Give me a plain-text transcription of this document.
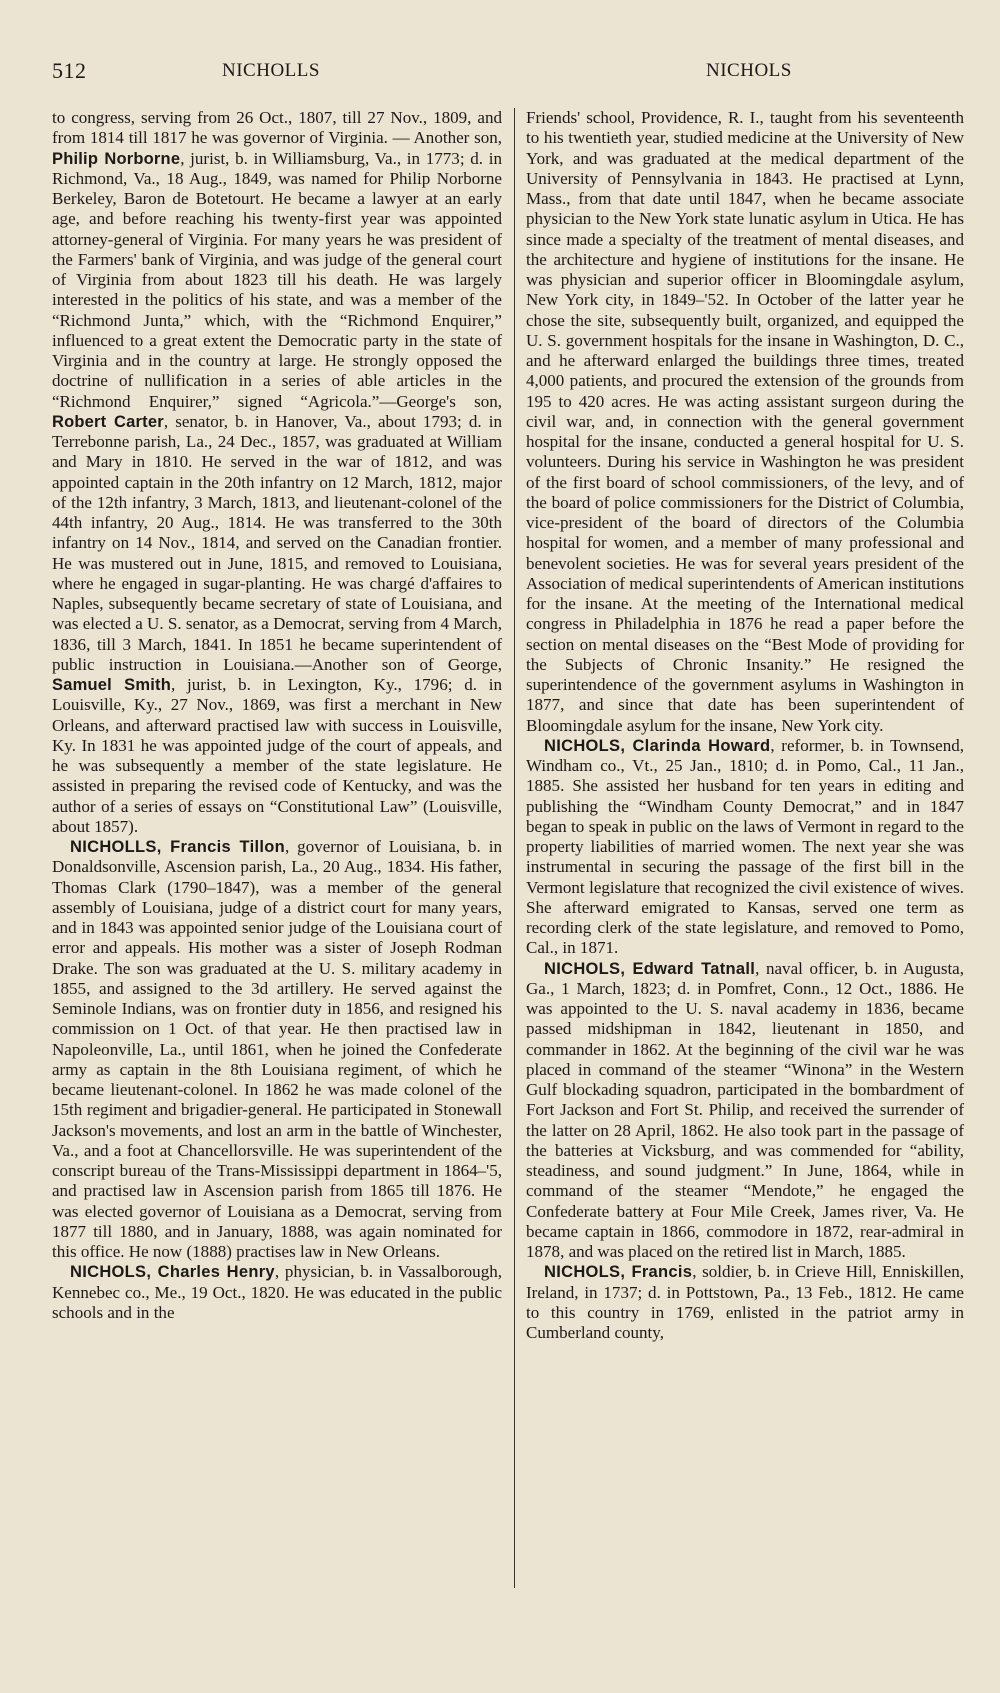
512	NICHOLLS	NICHOLS

to congress, serving from 26 Oct., 1807, till 27 Nov., 1809, and from 1814 till 1817 he was governor of Virginia. — Another son, Philip Norborne, jurist, b. in Williamsburg, Va., in 1773; d. in Richmond, Va., 18 Aug., 1849, was named for Philip Norborne Berkeley, Baron de Botetourt. He became a lawyer at an early age, and before reaching his twenty-first year was appointed attorney-general of Virginia. For many years he was president of the Farmers' bank of Virginia, and was judge of the general court of Virginia from about 1823 till his death. He was largely interested in the politics of his state, and was a member of the “Richmond Junta,” which, with the “Richmond Enquirer,” influenced to a great extent the Democratic party in the state of Virginia and in the country at large. He strongly opposed the doctrine of nullification in a series of able articles in the “Richmond Enquirer,” signed “Agricola.”—George's son, Robert Carter, senator, b. in Hanover, Va., about 1793; d. in Terrebonne parish, La., 24 Dec., 1857, was graduated at William and Mary in 1810. He served in the war of 1812, and was appointed captain in the 20th infantry on 12 March, 1812, major of the 12th infantry, 3 March, 1813, and lieutenant-colonel of the 44th infantry, 20 Aug., 1814. He was transferred to the 30th infantry on 14 Nov., 1814, and served on the Canadian frontier. He was mustered out in June, 1815, and removed to Louisiana, where he engaged in sugar-planting. He was chargé d'affaires to Naples, subsequently became secretary of state of Louisiana, and was elected a U. S. senator, as a Democrat, serving from 4 March, 1836, till 3 March, 1841. In 1851 he became superintendent of public instruction in Louisiana.—Another son of George, Samuel Smith, jurist, b. in Lexington, Ky., 1796; d. in Louisville, Ky., 27 Nov., 1869, was first a merchant in New Orleans, and afterward practised law with success in Louisville, Ky. In 1831 he was appointed judge of the court of appeals, and he was subsequently a member of the state legislature. He assisted in preparing the revised code of Kentucky, and was the author of a series of essays on “Constitutional Law” (Louisville, about 1857).

NICHOLLS, Francis Tillon, governor of Louisiana, b. in Donaldsonville, Ascension parish, La., 20 Aug., 1834. His father, Thomas Clark (1790–1847), was a member of the general assembly of Louisiana, judge of a district court for many years, and in 1843 was appointed senior judge of the Louisiana court of error and appeals. His mother was a sister of Joseph Rodman Drake. The son was graduated at the U. S. military academy in 1855, and assigned to the 3d artillery. He served against the Seminole Indians, was on frontier duty in 1856, and resigned his commission on 1 Oct. of that year. He then practised law in Napoleonville, La., until 1861, when he joined the Confederate army as captain in the 8th Louisiana regiment, of which he became lieutenant-colonel. In 1862 he was made colonel of the 15th regiment and brigadier-general. He participated in Stonewall Jackson's movements, and lost an arm in the battle of Winchester, Va., and a foot at Chancellorsville. He was superintendent of the conscript bureau of the Trans-Mississippi department in 1864–'5, and practised law in Ascension parish from 1865 till 1876. He was elected governor of Louisiana as a Democrat, serving from 1877 till 1880, and in January, 1888, was again nominated for this office. He now (1888) practises law in New Orleans.

NICHOLS, Charles Henry, physician, b. in Vassalborough, Kennebec co., Me., 19 Oct., 1820. He was educated in the public schools and in the

Friends' school, Providence, R. I., taught from his seventeenth to his twentieth year, studied medicine at the University of New York, and was graduated at the medical department of the University of Pennsylvania in 1843. He practised at Lynn, Mass., from that date until 1847, when he became associate physician to the New York state lunatic asylum in Utica. He has since made a specialty of the treatment of mental diseases, and the architecture and hygiene of institutions for the insane. He was physician and superior officer in Bloomingdale asylum, New York city, in 1849–'52. In October of the latter year he chose the site, subsequently built, organized, and equipped the U. S. government hospitals for the insane in Washington, D. C., and he afterward enlarged the buildings three times, treated 4,000 patients, and procured the extension of the grounds from 195 to 420 acres. He was acting assistant surgeon during the civil war, and, in connection with the general government hospital for the insane, conducted a general hospital for U. S. volunteers. During his service in Washington he was president of the first board of school commissioners, of the levy, and of the board of police commissioners for the District of Columbia, vice-president of the board of directors of the Columbia hospital for women, and a member of many professional and benevolent societies. He was for several years president of the Association of medical superintendents of American institutions for the insane. At the meeting of the International medical congress in Philadelphia in 1876 he read a paper before the section on mental diseases on the “Best Mode of providing for the Subjects of Chronic Insanity.” He resigned the superintendence of the government asylums in Washington in 1877, and since that date has been superintendent of Bloomingdale asylum for the insane, New York city.

NICHOLS, Clarinda Howard, reformer, b. in Townsend, Windham co., Vt., 25 Jan., 1810; d. in Pomo, Cal., 11 Jan., 1885. She assisted her husband for ten years in editing and publishing the “Windham County Democrat,” and in 1847 began to speak in public on the laws of Vermont in regard to the property liabilities of married women. The next year she was instrumental in securing the passage of the first bill in the Vermont legislature that recognized the civil existence of wives. She afterward emigrated to Kansas, served one term as recording clerk of the state legislature, and removed to Pomo, Cal., in 1871.

NICHOLS, Edward Tatnall, naval officer, b. in Augusta, Ga., 1 March, 1823; d. in Pomfret, Conn., 12 Oct., 1886. He was appointed to the U. S. naval academy in 1836, became passed midshipman in 1842, lieutenant in 1850, and commander in 1862. At the beginning of the civil war he was placed in command of the steamer “Winona” in the Western Gulf blockading squadron, participated in the bombardment of Fort Jackson and Fort St. Philip, and received the surrender of the latter on 28 April, 1862. He also took part in the passage of the batteries at Vicksburg, and was commended for “ability, steadiness, and sound judgment.” In June, 1864, while in command of the steamer “Mendote,” he engaged the Confederate battery at Four Mile Creek, James river, Va. He became captain in 1866, commodore in 1872, rear-admiral in 1878, and was placed on the retired list in March, 1885.

NICHOLS, Francis, soldier, b. in Crieve Hill, Enniskillen, Ireland, in 1737; d. in Pottstown, Pa., 13 Feb., 1812. He came to this country in 1769, enlisted in the patriot army in Cumberland county,
